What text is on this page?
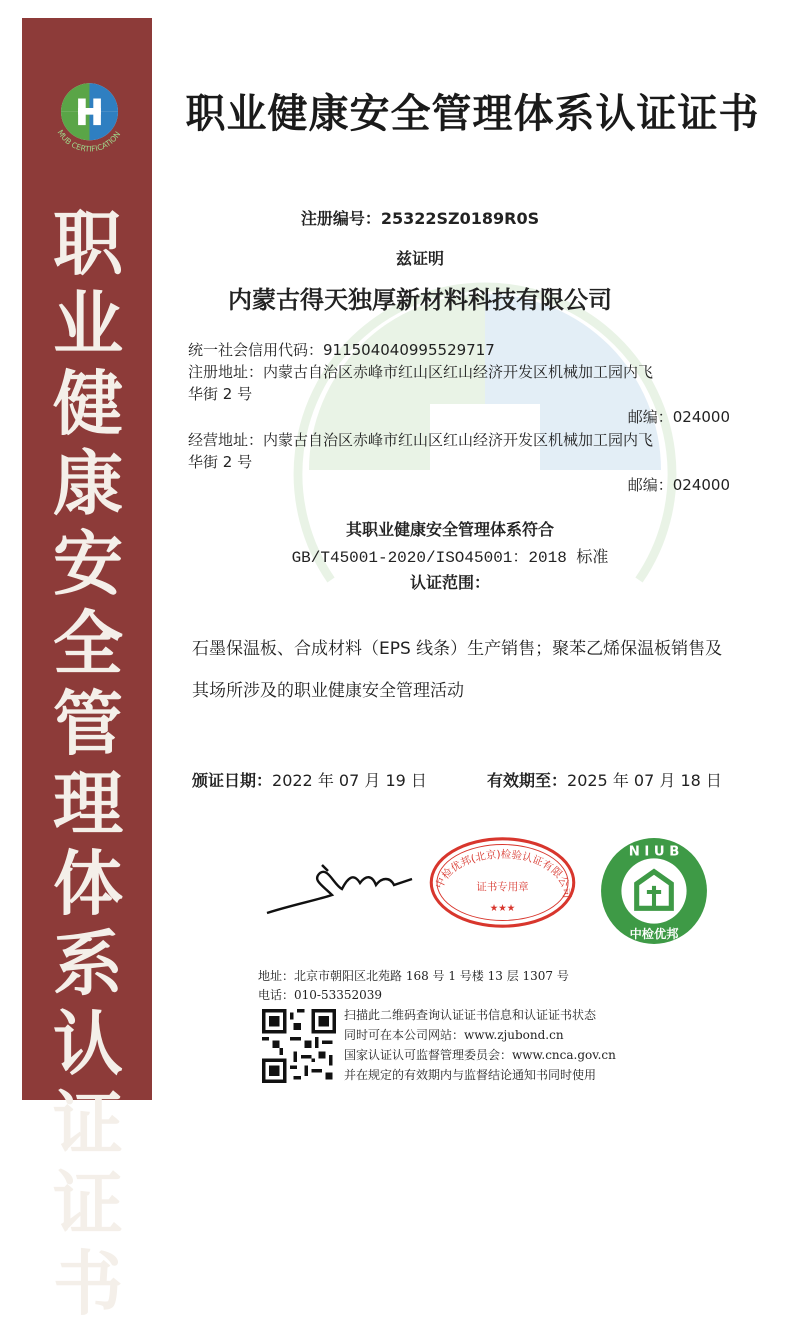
MUB CERTIFICATION
职
业
健
康
安
全
管
理
体
系
认
证
证
书
职业健康安全管理体系认证证书
注册编号：25322SZ0189R0S
兹证明
内蒙古得天独厚新材料科技有限公司
统一社会信用代码：911504040995529717
注册地址：内蒙古自治区赤峰市红山区红山经济开发区机械加工园内飞
华街 2 号
邮编：024000
经营地址：内蒙古自治区赤峰市红山区红山经济开发区机械加工园内飞
华街 2 号
邮编：024000
其职业健康安全管理体系符合
GB/T45001-2020/ISO45001：2018 标准
认证范围：
石墨保温板、合成材料（EPS 线条）生产销售；聚苯乙烯保温板销售及
其场所涉及的职业健康安全管理活动
颁证日期：2022 年 07 月 19 日	有效期至：2025 年 07 月 18 日
中检优邦(北京)检验认证有限公司
证书专用章
★★★
N I U B
中检优邦
地址：北京市朝阳区北苑路 168 号 1 号楼 13 层 1307 号
电话：010-53352039
扫描此二维码查询认证证书信息和认证证书状态
同时可在本公司网站：www.zjubond.cn
国家认证认可监督管理委员会：www.cnca.gov.cn
并在规定的有效期内与监督结论通知书同时使用
